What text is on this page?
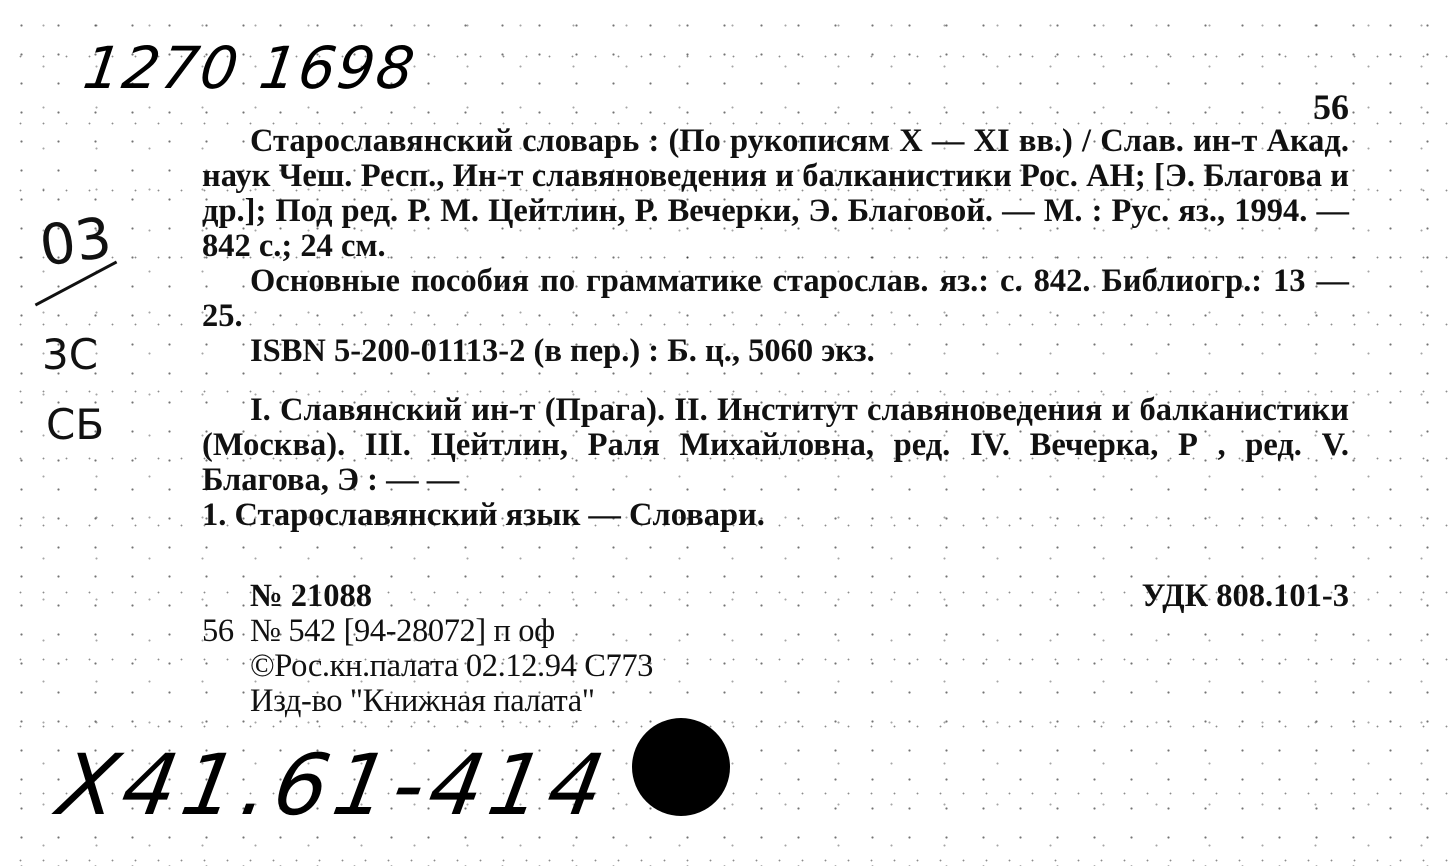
1270 1698
03
3C
СБ
56

Старославянский словарь : (По рукописям X — XI вв.) / Слав. ин-т Акад. наук Чеш. Респ., Ин-т славяноведения и балканистики Рос. АН; [Э. Благова и др.]; Под ред. Р. М. Цейтлин, Р. Вечерки, Э. Благовой. — М. : Рус. яз., 1994. — 842 с.; 24 см.

Основные пособия по грамматике старослав. яз.: с. 842. Библиогр.: 13 — 25.

ISBN 5-200-01113-2 (в пер.) : Б. ц., 5060 экз.

I. Славянский ин-т (Прага). II. Институт славяноведения и балканистики (Москва). III. Цейтлин, Раля Михайловна, ред. IV. Вечерка, Р , ред. V. Благова, Э : — —

1. Старославянский язык — Словари.

№ 21088	УДК 808.101-3
56 № 542 [94-28072] п оф
©Рос.кн.палата 02.12.94 С773
Изд-во "Книжная палата"
Х41.61-414
